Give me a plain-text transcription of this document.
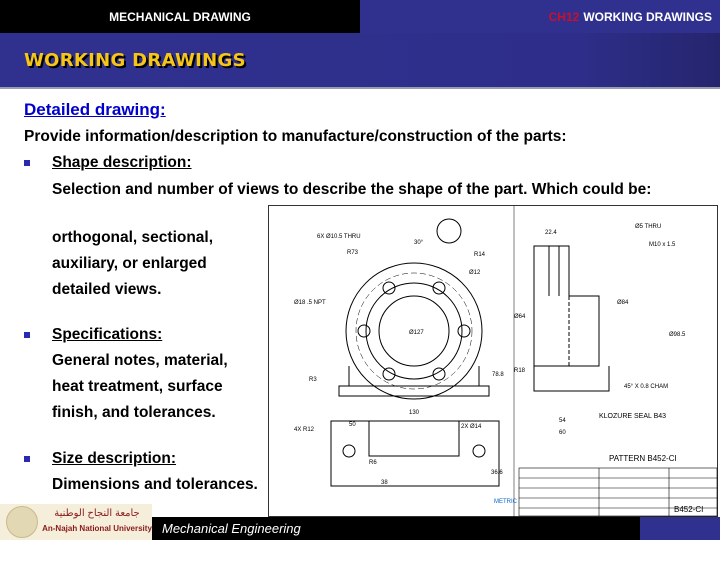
MECHANICAL DRAWING	CH12 WORKING DRAWINGS
WORKING DRAWINGS
Detailed drawing:
Provide information/description to manufacture/construction of the parts:
Shape description:
Selection and number of views to describe the shape of the part. Which could be:
orthogonal, sectional,
auxiliary, or enlarged
detailed views.
Specifications:
General notes, material,
heat treatment, surface
finish, and tolerances.
Size description:
Dimensions and tolerances.
6X Ø10.5 THRU
R73
30°
R14
Ø12
Ø18 .5 NPT
Ø127
R3
78.8
130
50	2X Ø14
4X R12
R6
38
36.6
22.4
Ø5 THRU
M10 x 1.5
Ø84
Ø64
Ø98.5
R18
45° X 0.8 CHAM
54
60
KLOZURE SEAL B43
PATTERN B452-CI
METRIC
B452-CI
جامعة النجاح الوطنية
An-Najah National University Mechanical Engineering Department
